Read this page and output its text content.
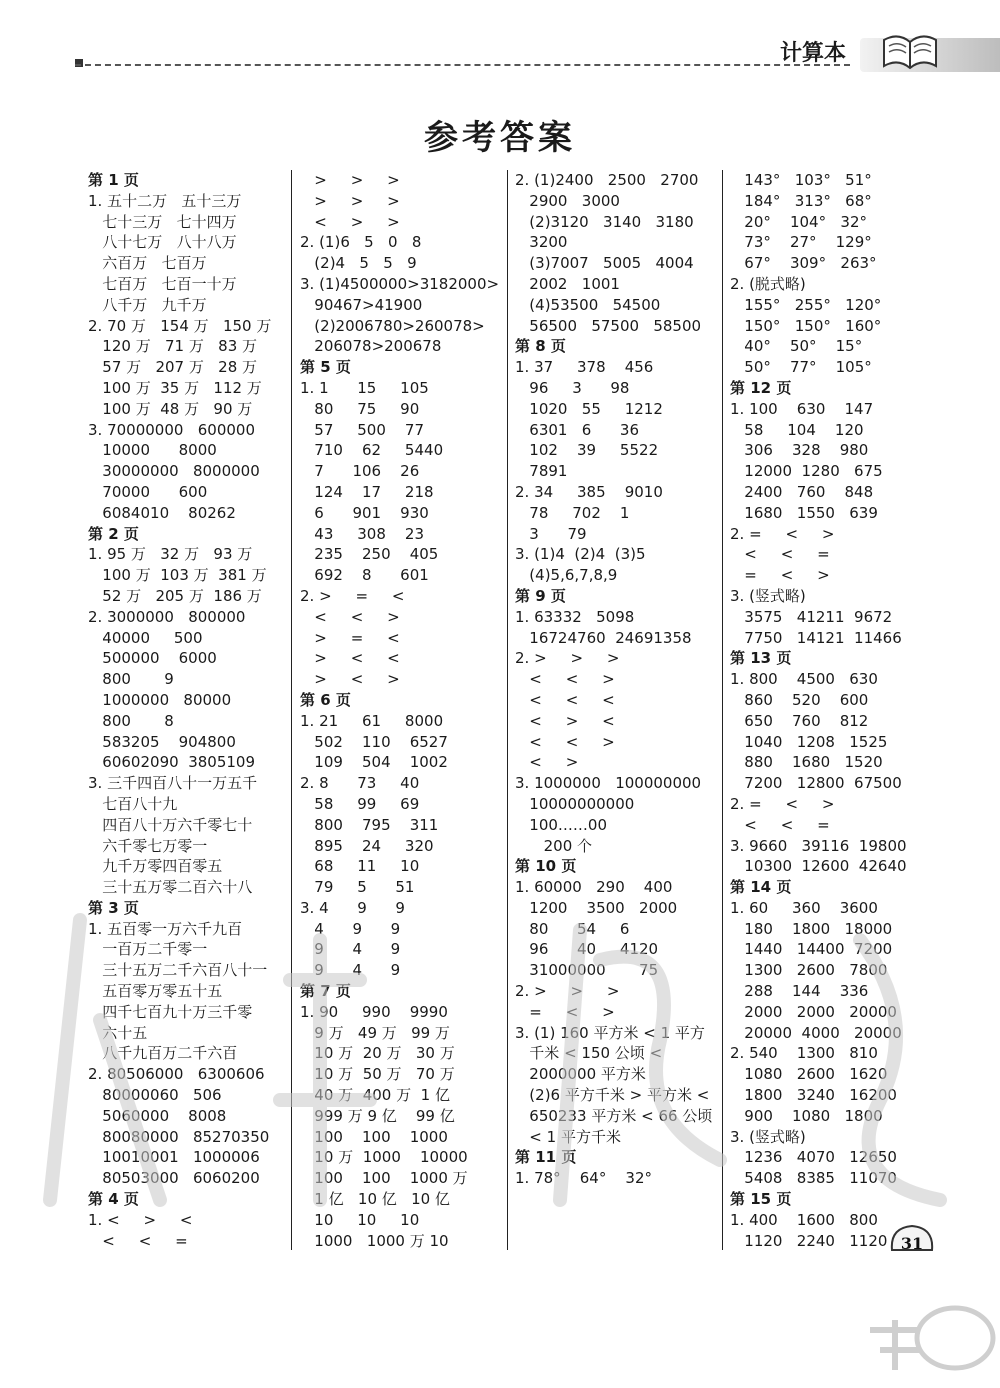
计算本
参考答案
第 1 页
1. 五十二万   五十三万
七十三万   七十四万
八十七万   八十八万
六百万   七百万
七百万   七百一十万
八千万   九千万
2. 70 万   154 万   150 万
120 万   71 万   83 万
57 万   207 万   28 万
100 万  35 万   112 万
100 万  48 万   90 万
3. 70000000   600000
10000      8000
30000000   8000000
70000      600
6084010    80262
第 2 页
1. 95 万   32 万   93 万
100 万  103 万  381 万
52 万   205 万  186 万
2. 3000000   800000
40000     500
500000    6000
800       9
1000000   80000
800       8
583205    904800
60602090  3805109
3. 三千四百八十一万五千
七百八十九
四百八十万六千零七十
六千零七万零一
九千万零四百零五
三十五万零二百六十八
第 3 页
1. 五百零一万六千九百
一百万二千零一
三十五万二千六百八十一
五百零万零五十五
四千七百九十万三千零
六十五
八千九百万二千六百
2. 80506000   6300606
80000060   506
5060000    8008
80080000   85270350
10010001   1000006
80503000   6060200
第 4 页
1. <     >     <
<     <     =
>     >     >
>     >     >
<     >     >
2. (1)6   5   0   8
(2)4   5   5   9
3. (1)4500000>3182000>
90467>41900
(2)2006780>260078>
206078>200678
第 5 页
1. 1      15     105
80     75     90
57     500    77
710    62     5440
7      106    26
124    17     218
6      901    930
43     308    23
235    250    405
692    8      601
2. >     =     <
<     <     >
>     =     <
>     <     <
>     <     >
第 6 页
1. 21     61     8000
502    110    6527
109    504    1002
2. 8      73     40
58     99     69
800    795    311
895    24     320
68     11     10
79     5      51
3. 4      9      9
4      9      9
9      4      9
9      4      9
第 7 页
1. 90     990    9990
9 万   49 万   99 万
10 万  20 万   30 万
10 万  50 万   70 万
40 万  400 万  1 亿
999 万 9 亿    99 亿
100    100    1000
10 万  1000    10000
100    100    1000 万
1 亿   10 亿   10 亿
10     10     10
1000   1000 万 10
2. (1)2400   2500   2700
2900   3000
(2)3120   3140   3180
3200
(3)7007   5005   4004
2002   1001
(4)53500   54500
56500   57500   58500
第 8 页
1. 37     378    456
96     3      98
1020   55     1212
6301   6      36
102    39     5522
7891
2. 34     385    9010
78     702    1
3      79
3. (1)4  (2)4  (3)5
(4)5,6,7,8,9
第 9 页
1. 63332   5098
16724760  24691358
2. >     >     >
<     <     >
<     <     <
<     >     <
<     <     >
<     >
3. 1000000   100000000
10000000000
100……00
200 个
第 10 页
1. 60000   290    400
1200    3500   2000
80      54     6
96      40     4120
31000000       75
2. >     >     >
=     <     >
3. (1) 160 平方米 < 1 平方
千米 < 150 公顷 <
2000000 平方米
(2)6 平方千米 > 平方米 <
650233 平方米 < 66 公顷
< 1 平方千米
第 11 页
1. 78°    64°    32°
143°   103°   51°
184°   313°   68°
20°    104°   32°
73°    27°    129°
67°    309°   263°
2. (脱式略)
155°   255°   120°
150°   150°   160°
40°    50°    15°
50°    77°    105°
第 12 页
1. 100    630    147
58     104    120
306    328    980
12000  1280   675
2400   760    848
1680   1550   639
2. =     <     >
<     <     =
=     <     >
3. (竖式略)
3575   41211  9672
7750   14121  11466
第 13 页
1. 800    4500   630
860    520    600
650    760    812
1040   1208   1525
880    1680   1520
7200   12800  67500
2. =     <     >
<     <     =
3. 9660   39116  19800
10300  12600  42640
第 14 页
1. 60     360    3600
180    1800   18000
1440   14400  7200
1300   2600   7800
288    144    336
2000   2000   20000
20000  4000   20000
2. 540    1300   810
1080   2600   1620
1800   3240   16200
900    1080   1800
3. (竖式略)
1236   4070   12650
5408   8385   11070
第 15 页
1. 400    1600   800
1120   2240   1120 31
